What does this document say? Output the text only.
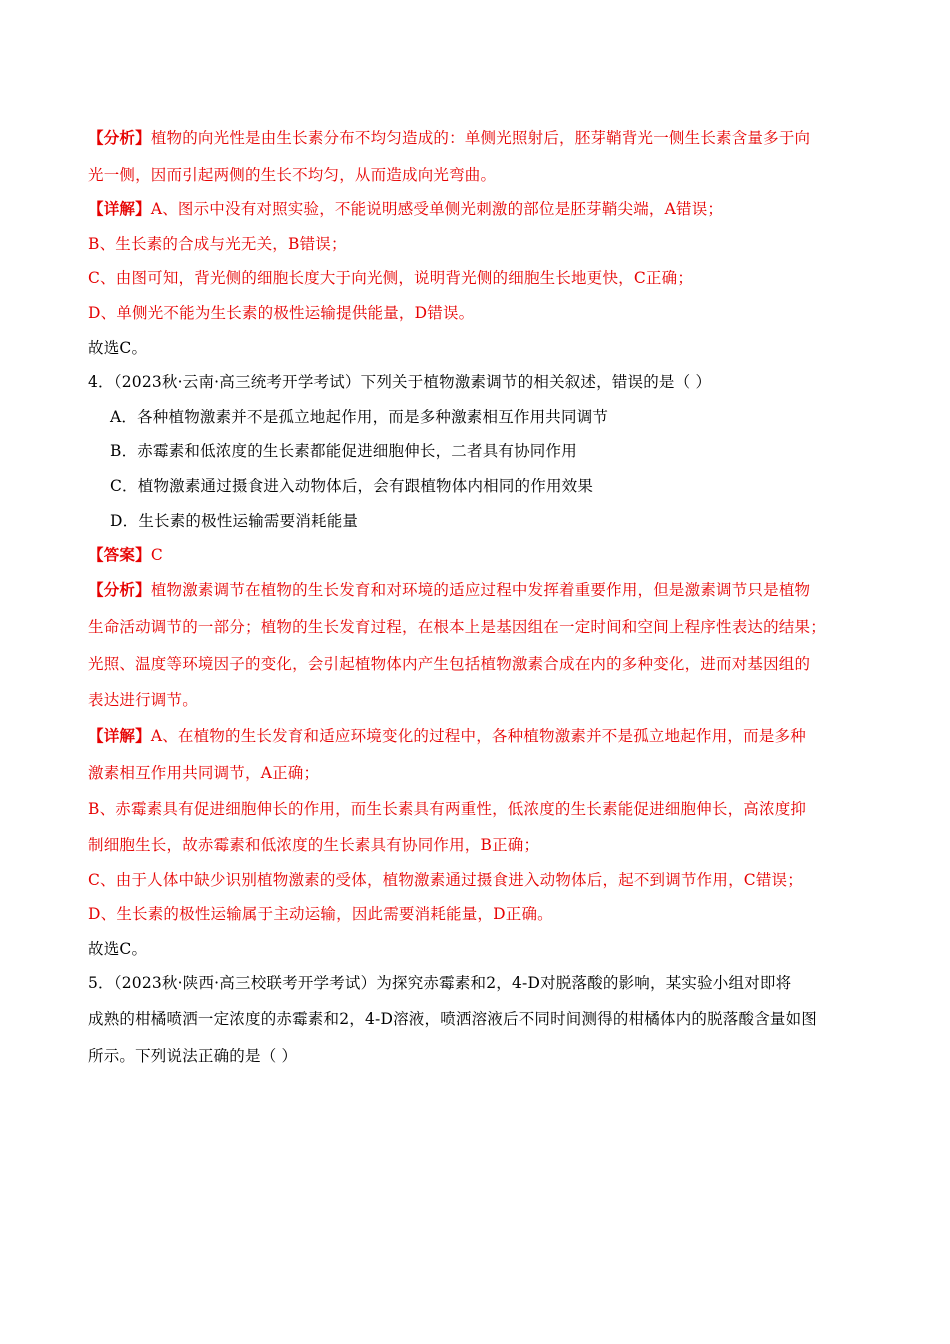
【分析】植物的向光性是由生长素分布不均匀造成的：单侧光照射后，胚芽鞘背光一侧生长素含量多于向
光一侧，因而引起两侧的生长不均匀，从而造成向光弯曲。
【详解】A、图示中没有对照实验，不能说明感受单侧光刺激的部位是胚芽鞘尖端，A错误；
B、生长素的合成与光无关，B错误；
C、由图可知，背光侧的细胞长度大于向光侧，说明背光侧的细胞生长地更快，C正确；
D、单侧光不能为生长素的极性运输提供能量，D错误。
故选C。
4．（2023秋·云南·高三统考开学考试）下列关于植物激素调节的相关叙述，错误的是（ ）
A．各种植物激素并不是孤立地起作用，而是多种激素相互作用共同调节
B．赤霉素和低浓度的生长素都能促进细胞伸长，二者具有协同作用
C．植物激素通过摄食进入动物体后，会有跟植物体内相同的作用效果
D．生长素的极性运输需要消耗能量
【答案】C
【分析】植物激素调节在植物的生长发育和对环境的适应过程中发挥着重要作用，但是激素调节只是植物
生命活动调节的一部分；植物的生长发育过程，在根本上是基因组在一定时间和空间上程序性表达的结果；
光照、温度等环境因子的变化，会引起植物体内产生包括植物激素合成在内的多种变化，进而对基因组的
表达进行调节。
【详解】A、在植物的生长发育和适应环境变化的过程中，各种植物激素并不是孤立地起作用，而是多种
激素相互作用共同调节，A正确；
B、赤霉素具有促进细胞伸长的作用，而生长素具有两重性，低浓度的生长素能促进细胞伸长，高浓度抑
制细胞生长，故赤霉素和低浓度的生长素具有协同作用，B正确；
C、由于人体中缺少识别植物激素的受体，植物激素通过摄食进入动物体后，起不到调节作用，C错误；
D、生长素的极性运输属于主动运输，因此需要消耗能量，D正确。
故选C。
5．（2023秋·陕西·高三校联考开学考试）为探究赤霉素和2，4-D对脱落酸的影响，某实验小组对即将
成熟的柑橘喷洒一定浓度的赤霉素和2，4-D溶液，喷洒溶液后不同时间测得的柑橘体内的脱落酸含量如图
所示。下列说法正确的是（ ）
